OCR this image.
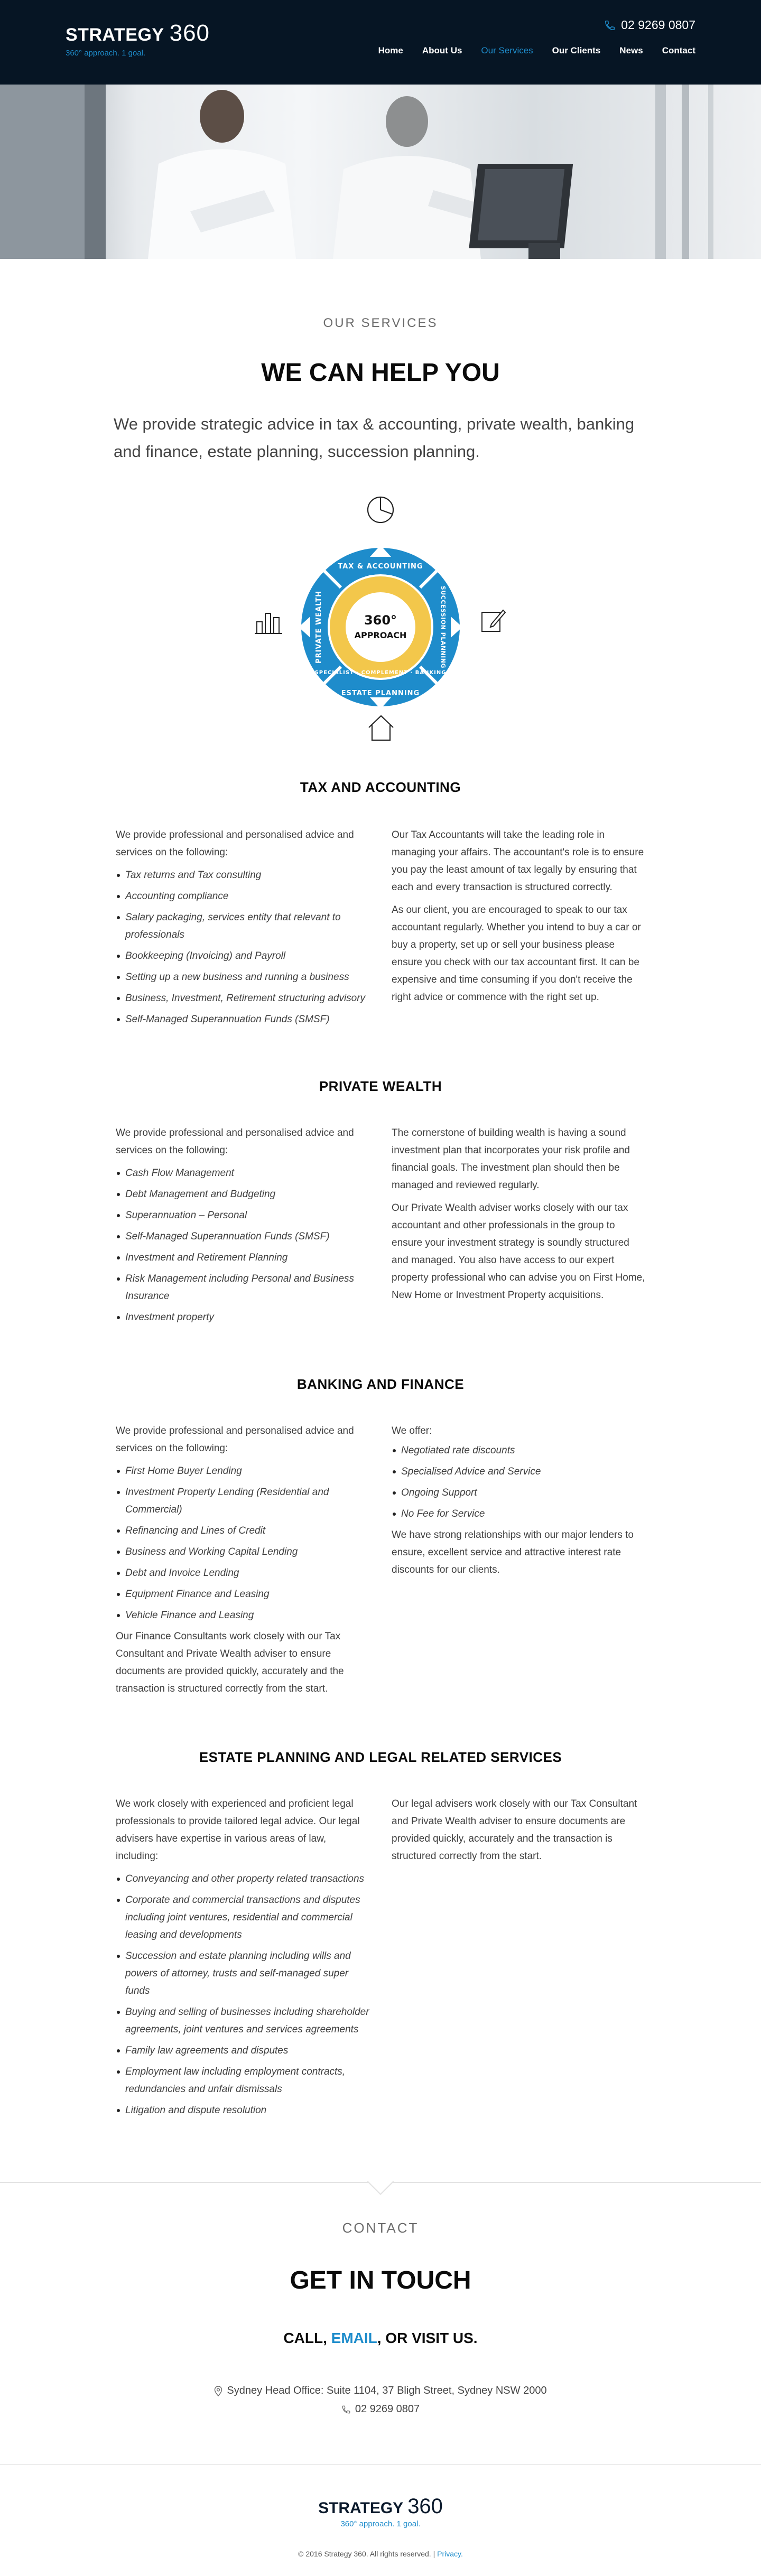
STRATEGY 360
360° approach. 1 goal.
02 9269 0807
Home About Us Our Services Our Clients News Contact
OUR SERVICES
WE CAN HELP YOU

We provide strategic advice in tax & accounting, private wealth, banking and finance, estate planning, succession planning.

TAX & ACCOUNTING
ESTATE PLANNING
PRIVATE WEALTH	SUCCESSION PLANNING
SPECIALIST · COMPLEMENT · BANKING
360°
APPROACH
TAX AND ACCOUNTING

We provide professional and personalised advice and services on the following:

Tax returns and Tax consulting
Accounting compliance
Salary packaging, services entity that relevant to professionals
Bookkeeping (Invoicing) and Payroll
Setting up a new business and running a business
Business, Investment, Retirement structuring advisory
Self-Managed Superannuation Funds (SMSF)

Our Tax Accountants will take the leading role in managing your affairs. The accountant's role is to ensure you pay the least amount of tax legally by ensuring that each and every transaction is structured correctly.

As our client, you are encouraged to speak to our tax accountant regularly. Whether you intend to buy a car or buy a property, set up or sell your business please ensure you check with our tax accountant first. It can be expensive and time consuming if you don't receive the right advice or commence with the right set up.

PRIVATE WEALTH

We provide professional and personalised advice and services on the following:

Cash Flow Management
Debt Management and Budgeting
Superannuation – Personal
Self-Managed Superannuation Funds (SMSF)
Investment and Retirement Planning
Risk Management including Personal and Business Insurance
Investment property

The cornerstone of building wealth is having a sound investment plan that incorporates your risk profile and financial goals. The investment plan should then be managed and reviewed regularly.

Our Private Wealth adviser works closely with our tax accountant and other professionals in the group to ensure your investment strategy is soundly structured and managed. You also have access to our expert property professional who can advise you on First Home, New Home or Investment Property acquisitions.

BANKING AND FINANCE

We provide professional and personalised advice and services on the following:

First Home Buyer Lending
Investment Property Lending (Residential and Commercial)
Refinancing and Lines of Credit
Business and Working Capital Lending
Debt and Invoice Lending
Equipment Finance and Leasing
Vehicle Finance and Leasing

Our Finance Consultants work closely with our Tax Consultant and Private Wealth adviser to ensure documents are provided quickly, accurately and the transaction is structured correctly from the start.

We offer:

Negotiated rate discounts
Specialised Advice and Service
Ongoing Support
No Fee for Service

We have strong relationships with our major lenders to ensure, excellent service and attractive interest rate discounts for our clients.

ESTATE PLANNING AND LEGAL RELATED SERVICES

We work closely with experienced and proficient legal professionals to provide tailored legal advice. Our legal advisers have expertise in various areas of law, including:

Conveyancing and other property related transactions
Corporate and commercial transactions and disputes including joint ventures, residential and commercial leasing and developments
Succession and estate planning including wills and powers of attorney, trusts and self-managed super funds
Buying and selling of businesses including shareholder agreements, joint ventures and services agreements
Family law agreements and disputes
Employment law including employment contracts, redundancies and unfair dismissals
Litigation and dispute resolution

Our legal advisers work closely with our Tax Consultant and Private Wealth adviser to ensure documents are provided quickly, accurately and the transaction is structured correctly from the start.

CONTACT
GET IN TOUCH
CALL, EMAIL, OR VISIT US.
Sydney Head Office: Suite 1104, 37 Bligh Street, Sydney NSW 2000
02 9269 0807
STRATEGY 360
360° approach. 1 goal.
© 2016 Strategy 360. All rights reserved. | Privacy.
